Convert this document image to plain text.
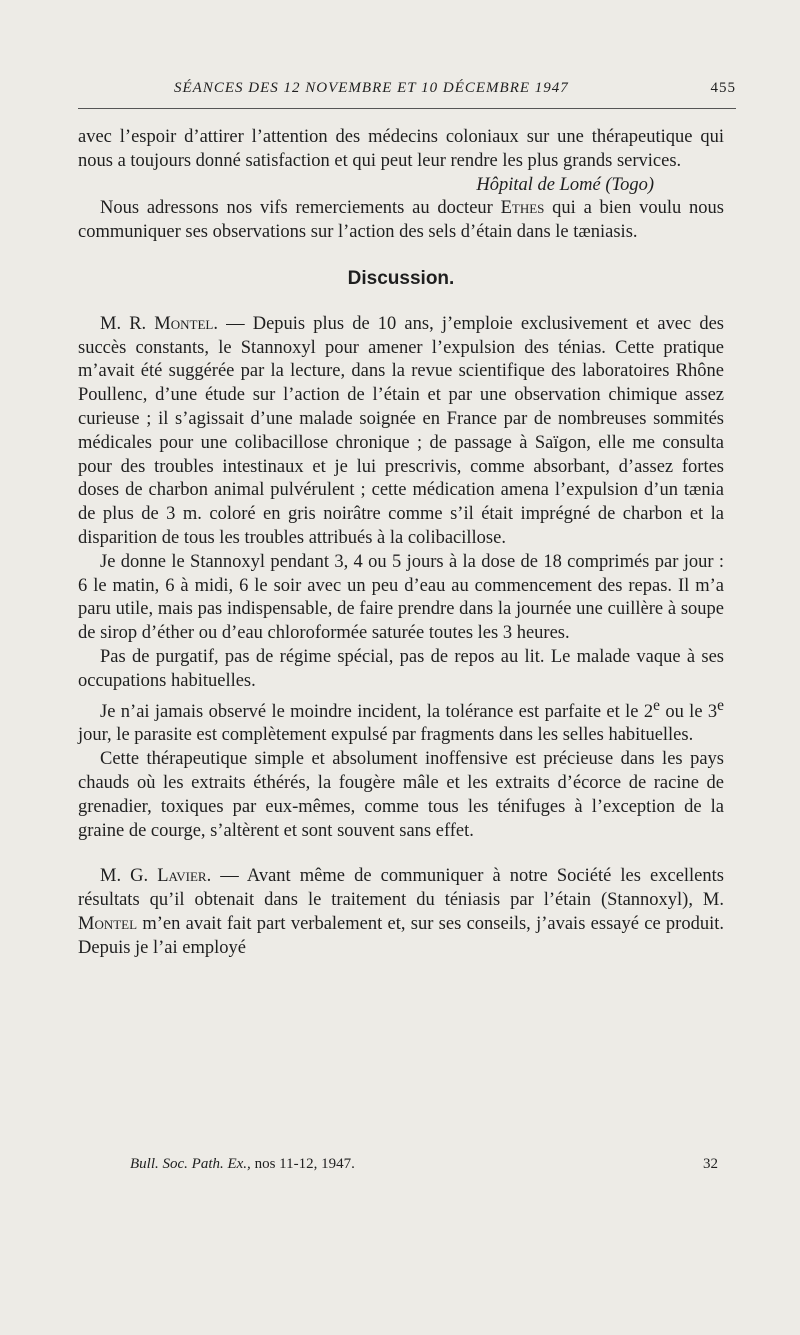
SÉANCES DES 12 NOVEMBRE ET 10 DÉCEMBRE 1947	455

avec l’espoir d’attirer l’attention des médecins coloniaux sur une thérapeutique qui nous a toujours donné satisfaction et qui peut leur rendre les plus grands services.

Hôpital de Lomé (Togo)

Nous adressons nos vifs remerciements au docteur Ethes qui a bien voulu nous communiquer ses observations sur l’action des sels d’étain dans le tæniasis.

Discussion.

M. R. Montel. — Depuis plus de 10 ans, j’emploie exclusivement et avec des succès constants, le Stannoxyl pour amener l’expulsion des ténias. Cette pratique m’avait été suggérée par la lecture, dans la revue scientifique des laboratoires Rhône Poullenc, d’une étude sur l’action de l’étain et par une observation chimique assez curieuse ; il s’agissait d’une malade soignée en France par de nombreuses sommités médicales pour une colibacillose chronique ; de passage à Saïgon, elle me consulta pour des troubles intestinaux et je lui prescrivis, comme absorbant, d’assez fortes doses de charbon animal pulvérulent ; cette médication amena l’expulsion d’un tænia de plus de 3 m. coloré en gris noirâtre comme s’il était imprégné de charbon et la disparition de tous les troubles attribués à la colibacillose.

Je donne le Stannoxyl pendant 3, 4 ou 5 jours à la dose de 18 comprimés par jour : 6 le matin, 6 à midi, 6 le soir avec un peu d’eau au commencement des repas. Il m’a paru utile, mais pas indispensable, de faire prendre dans la journée une cuillère à soupe de sirop d’éther ou d’eau chloroformée saturée toutes les 3 heures.

Pas de purgatif, pas de régime spécial, pas de repos au lit. Le malade vaque à ses occupations habituelles.

Je n’ai jamais observé le moindre incident, la tolérance est parfaite et le 2e ou le 3e jour, le parasite est complètement expulsé par fragments dans les selles habituelles.

Cette thérapeutique simple et absolument inoffensive est précieuse dans les pays chauds où les extraits éthérés, la fougère mâle et les extraits d’écorce de racine de grenadier, toxiques par eux-mêmes, comme tous les ténifuges à l’exception de la graine de courge, s’altèrent et sont souvent sans effet.

M. G. Lavier. — Avant même de communiquer à notre Société les excellents résultats qu’il obtenait dans le traitement du téniasis par l’étain (Stannoxyl), M. Montel m’en avait fait part verbalement et, sur ses conseils, j’avais essayé ce produit. Depuis je l’ai employé

Bull. Soc. Path. Ex., nos 11-12, 1947.	32
